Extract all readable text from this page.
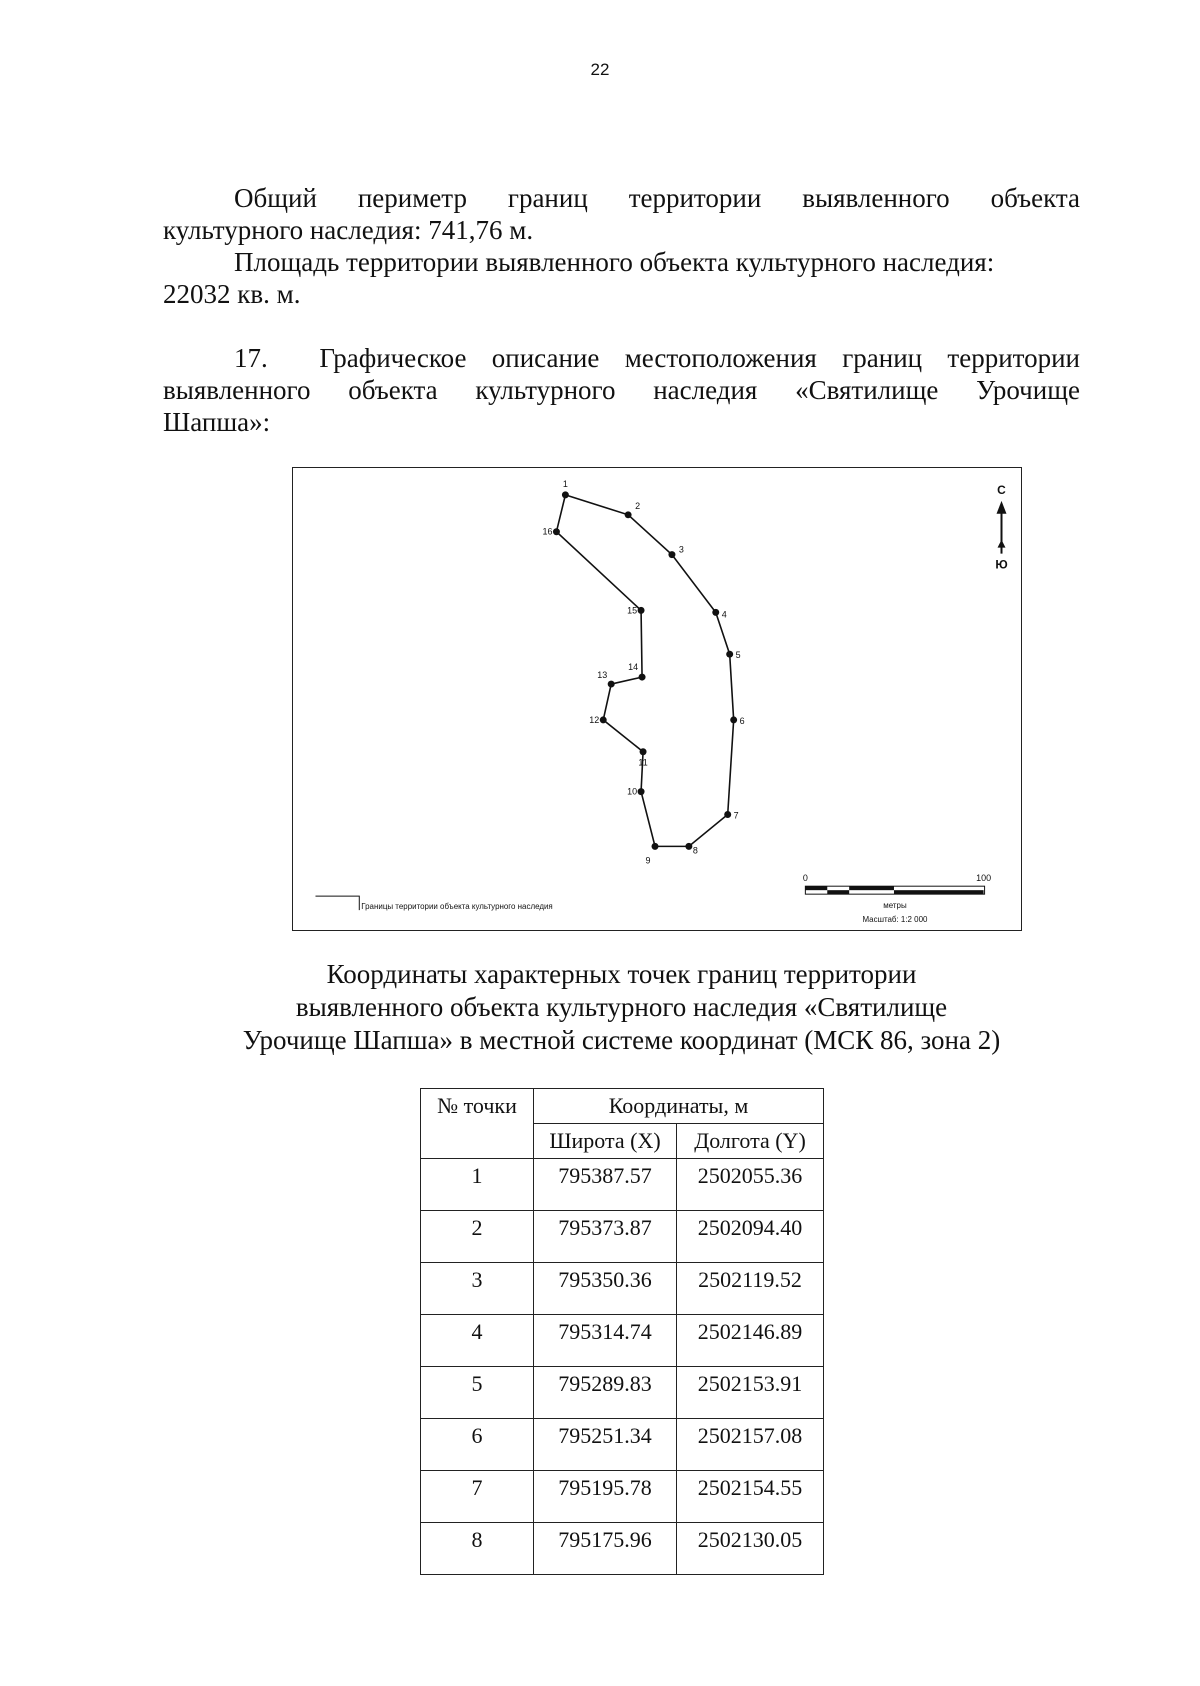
22
Общий периметр границ территории выявленного объекта
культурного наследия: 741,76 м.
Площадь территории выявленного объекта культурного наследия:
22032 кв. м.
17.	Графическое описание местоположения границ территории
выявленного объекта культурного наследия «Святилище Урочище
Шапша»:
1
2
3
4
5
6
7
8
9
10
11
12
13
14
15
16
С
Ю
0	100
метры
Масштаб: 1:2 000
Границы территории объекта культурного наследия
Координаты характерных точек границ территории
выявленного объекта культурного наследия «Святилище
Урочище Шапша» в местной системе координат (МСК 86, зона 2)
№ точки	Координаты, м	
	Широта (X)	Долгота (Y)
1	795387.57	2502055.36
2	795373.87	2502094.40
3	795350.36	2502119.52
4	795314.74	2502146.89
5	795289.83	2502153.91
6	795251.34	2502157.08
7	795195.78	2502154.55
8	795175.96	2502130.05
